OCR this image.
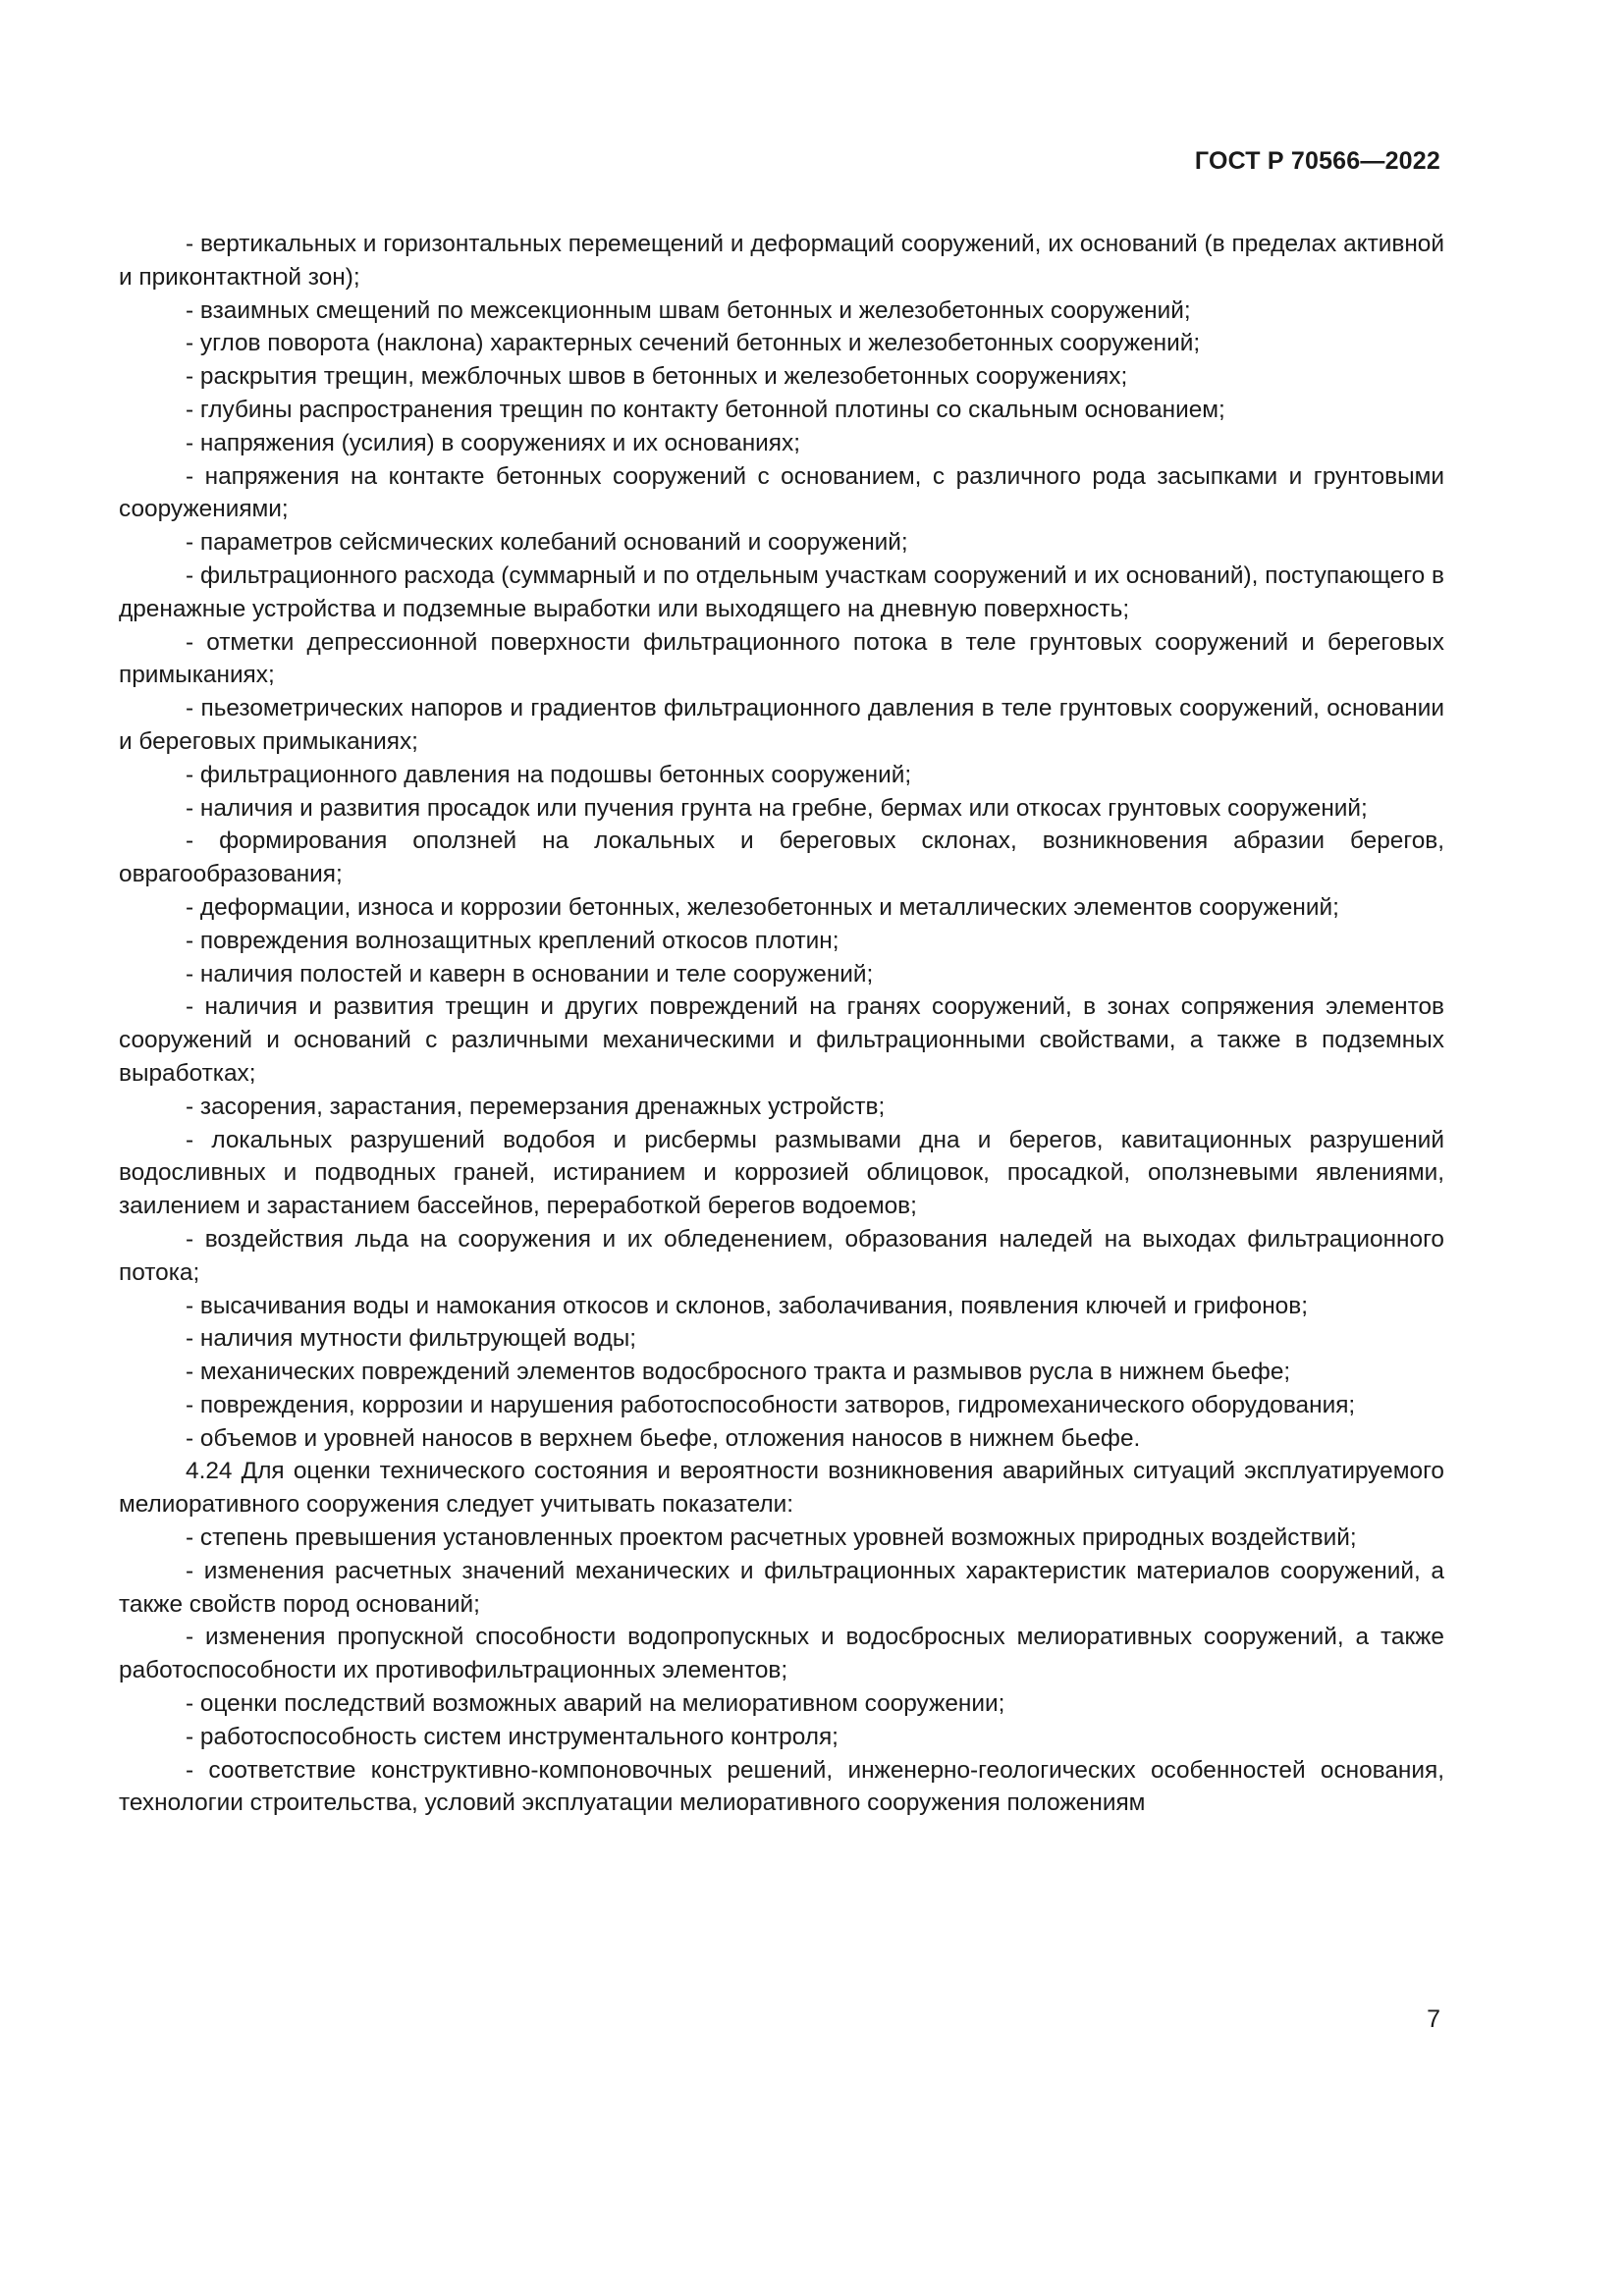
ГОСТ Р 70566—2022

- вертикальных и горизонтальных перемещений и деформаций сооружений, их оснований (в пределах активной и приконтактной зон);

- взаимных смещений по межсекционным швам бетонных и железобетонных сооружений;

- углов поворота (наклона) характерных сечений бетонных и железобетонных сооружений;

- раскрытия трещин, межблочных швов в бетонных и железобетонных сооружениях;

- глубины распространения трещин по контакту бетонной плотины со скальным основанием;

- напряжения (усилия) в сооружениях и их основаниях;

- напряжения на контакте бетонных сооружений с основанием, с различного рода засыпками и грунтовыми сооружениями;

- параметров сейсмических колебаний оснований и сооружений;

- фильтрационного расхода (суммарный и по отдельным участкам сооружений и их оснований), поступающего в дренажные устройства и подземные выработки или выходящего на дневную поверхность;

- отметки депрессионной поверхности фильтрационного потока в теле грунтовых сооружений и береговых примыканиях;

- пьезометрических напоров и градиентов фильтрационного давления в теле грунтовых сооружений, основании и береговых примыканиях;

- фильтрационного давления на подошвы бетонных сооружений;

- наличия и развития просадок или пучения грунта на гребне, бермах или откосах грунтовых сооружений;

- формирования оползней на локальных и береговых склонах, возникновения абразии берегов, оврагообразования;

- деформации, износа и коррозии бетонных, железобетонных и металлических элементов сооружений;

- повреждения волнозащитных креплений откосов плотин;

- наличия полостей и каверн в основании и теле сооружений;

- наличия и развития трещин и других повреждений на гранях сооружений, в зонах сопряжения элементов сооружений и оснований с различными механическими и фильтрационными свойствами, а также в подземных выработках;

- засорения, зарастания, перемерзания дренажных устройств;

- локальных разрушений водобоя и рисбермы размывами дна и берегов, кавитационных разрушений водосливных и подводных граней, истиранием и коррозией облицовок, просадкой, оползневыми явлениями, заилением и зарастанием бассейнов, переработкой берегов водоемов;

- воздействия льда на сооружения и их обледенением, образования наледей на выходах фильтрационного потока;

- высачивания воды и намокания откосов и склонов, заболачивания, появления ключей и грифонов;

- наличия мутности фильтрующей воды;

- механических повреждений элементов водосбросного тракта и размывов русла в нижнем бьефе;

- повреждения, коррозии и нарушения работоспособности затворов, гидромеханического оборудования;

- объемов и уровней наносов в верхнем бьефе, отложения наносов в нижнем бьефе.

4.24 Для оценки технического состояния и вероятности возникновения аварийных ситуаций эксплуатируемого мелиоративного сооружения следует учитывать показатели:

- степень превышения установленных проектом расчетных уровней возможных природных воздействий;

- изменения расчетных значений механических и фильтрационных характеристик материалов сооружений, а также свойств пород оснований;

- изменения пропускной способности водопропускных и водосбросных мелиоративных сооружений, а также работоспособности их противофильтрационных элементов;

- оценки последствий возможных аварий на мелиоративном сооружении;

- работоспособность систем инструментального контроля;

- соответствие конструктивно-компоновочных решений, инженерно-геологических особенностей основания, технологии строительства, условий эксплуатации мелиоративного сооружения положениям

7
